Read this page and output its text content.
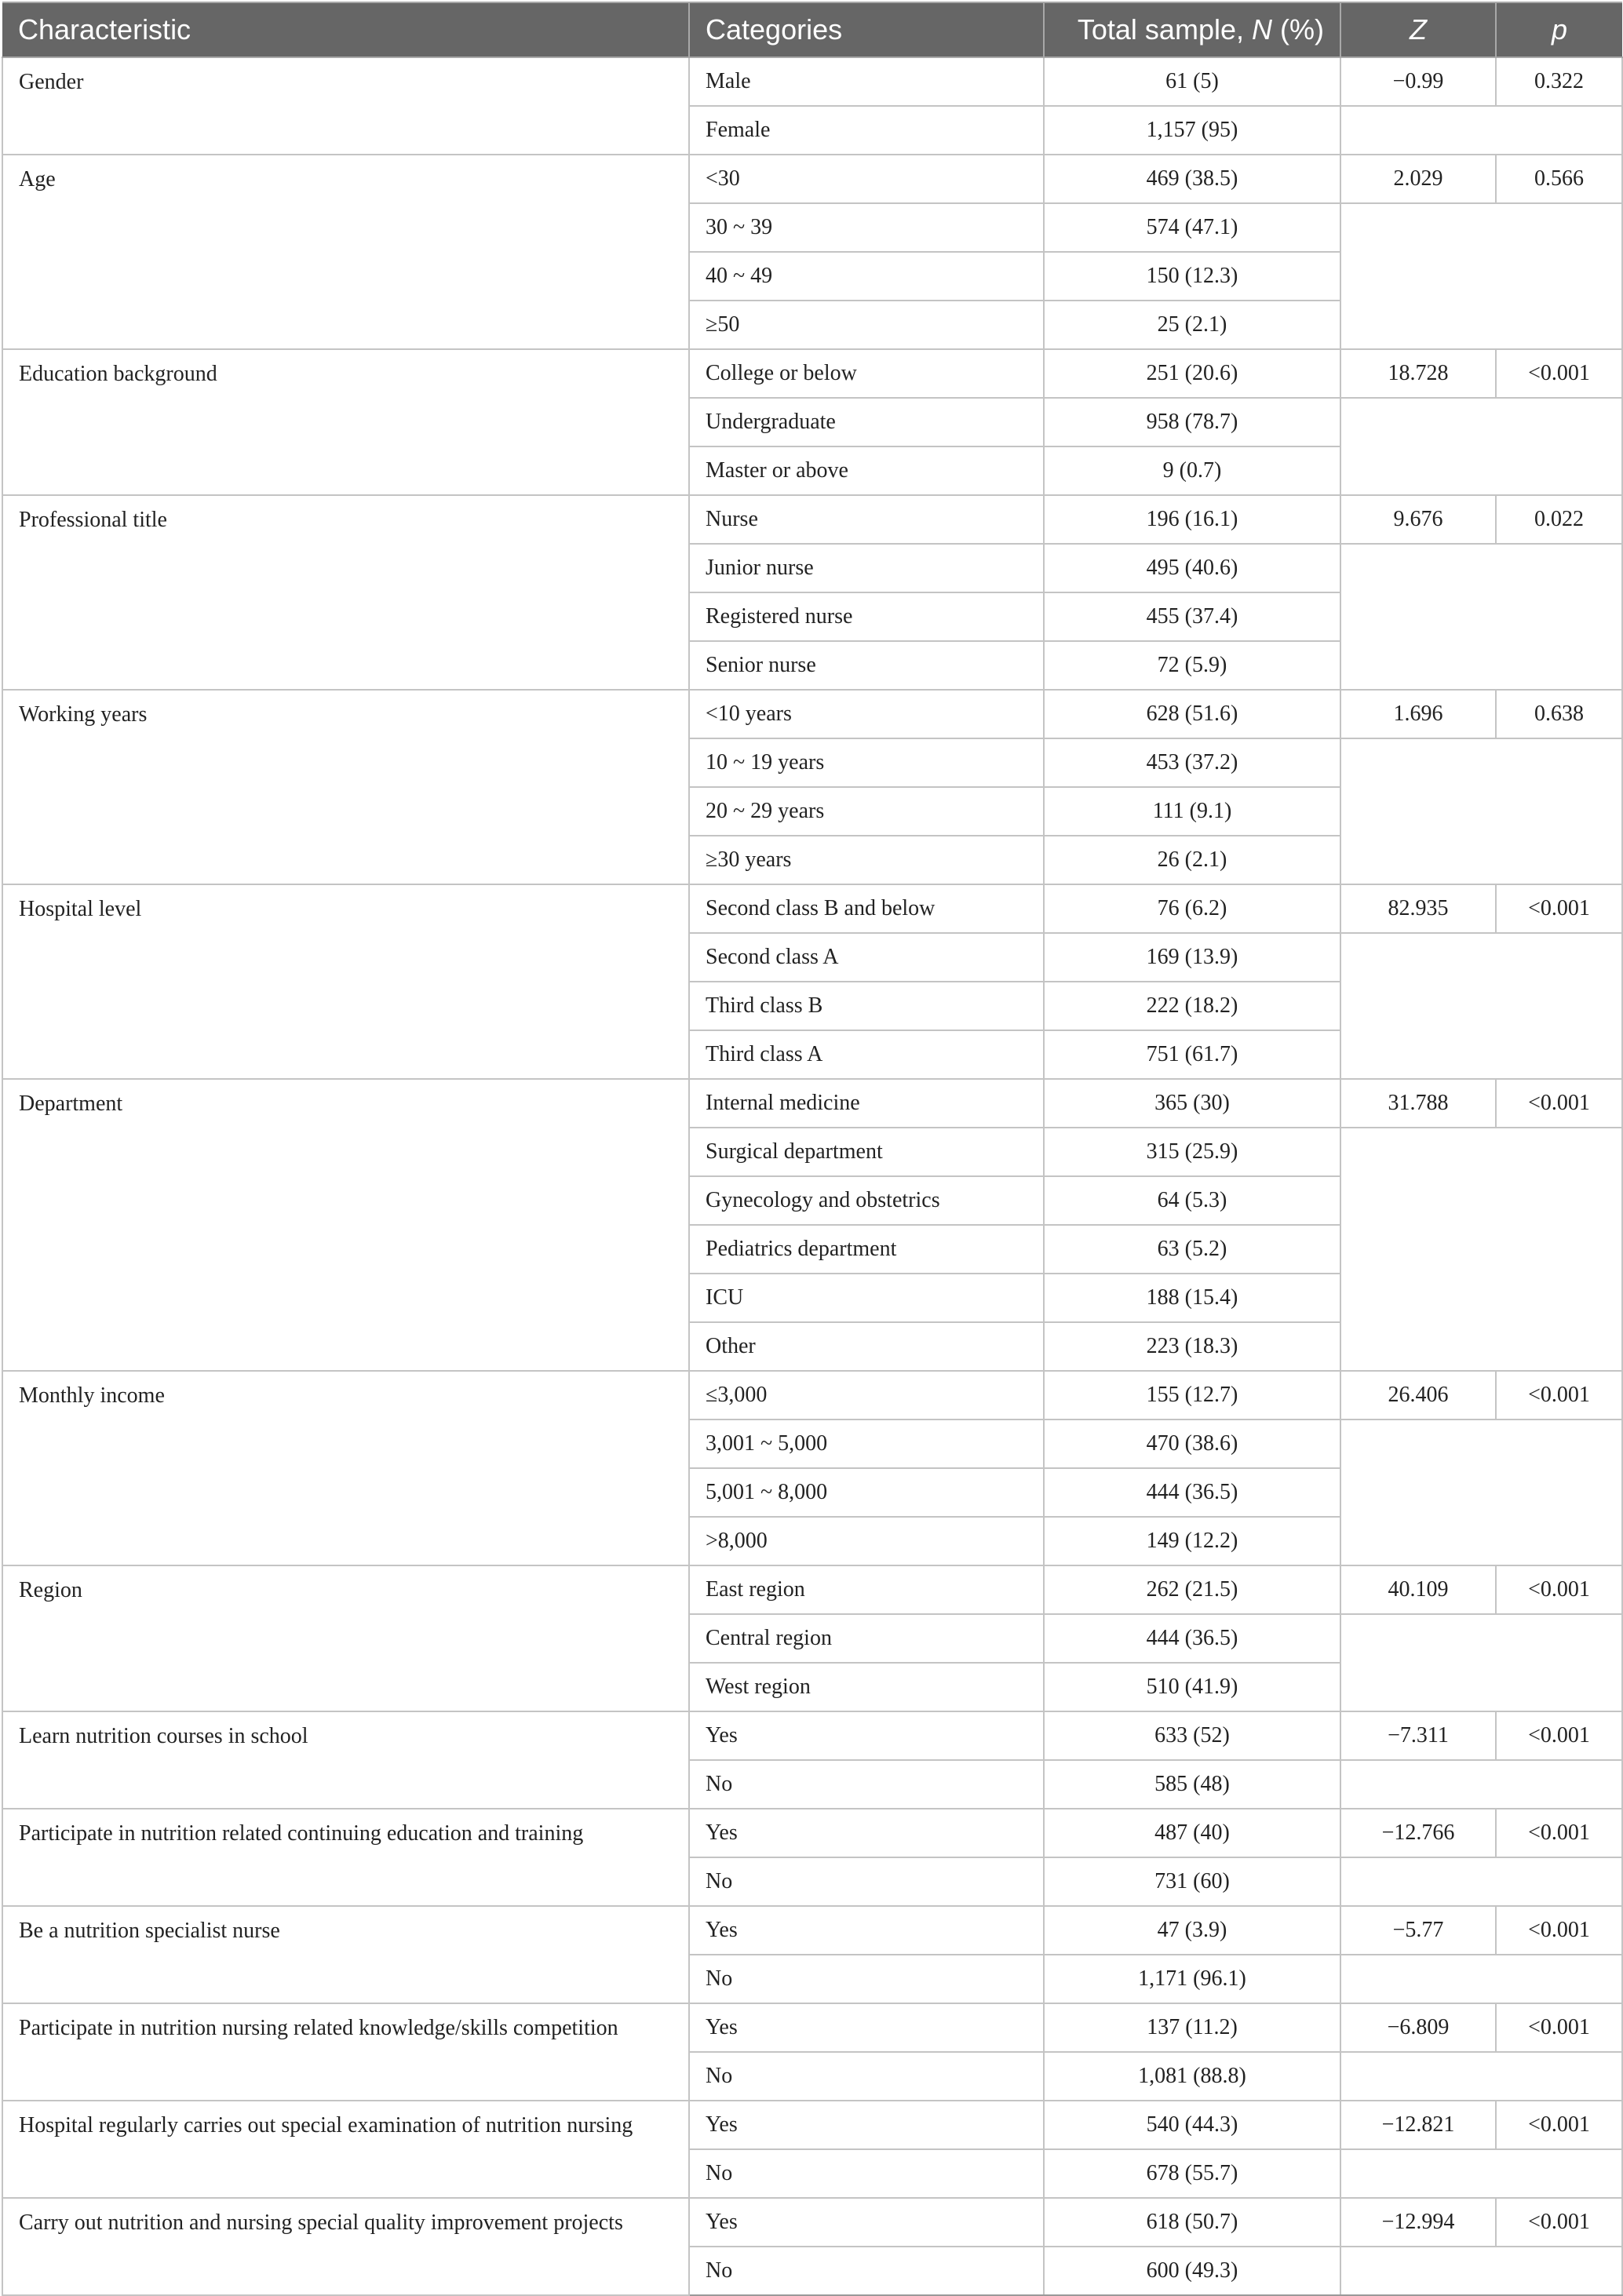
Characteristic	Categories	Total sample, N (%)	Z	p
Gender	Male	61 (5)	−0.99	0.322
	Female	1,157 (95)		
Age	<30	469 (38.5)	2.029	0.566
	30 ~ 39	574 (47.1)		
	40 ~ 49	150 (12.3)		
	≥50	25 (2.1)		
Education background	College or below	251 (20.6)	18.728	<0.001
	Undergraduate	958 (78.7)		
	Master or above	9 (0.7)		
Professional title	Nurse	196 (16.1)	9.676	0.022
	Junior nurse	495 (40.6)		
	Registered nurse	455 (37.4)		
	Senior nurse	72 (5.9)		
Working years	<10 years	628 (51.6)	1.696	0.638
	10 ~ 19 years	453 (37.2)		
	20 ~ 29 years	111 (9.1)		
	≥30 years	26 (2.1)		
Hospital level	Second class B and below	76 (6.2)	82.935	<0.001
	Second class A	169 (13.9)		
	Third class B	222 (18.2)		
	Third class A	751 (61.7)		
Department	Internal medicine	365 (30)	31.788	<0.001
	Surgical department	315 (25.9)		
	Gynecology and obstetrics	64 (5.3)		
	Pediatrics department	63 (5.2)		
	ICU	188 (15.4)		
	Other	223 (18.3)		
Monthly income	≤3,000	155 (12.7)	26.406	<0.001
	3,001 ~ 5,000	470 (38.6)		
	5,001 ~ 8,000	444 (36.5)		
	>8,000	149 (12.2)		
Region	East region	262 (21.5)	40.109	<0.001
	Central region	444 (36.5)		
	West region	510 (41.9)		
Learn nutrition courses in school	Yes	633 (52)	−7.311	<0.001
	No	585 (48)		
Participate in nutrition related continuing education and training	Yes	487 (40)	−12.766	<0.001
	No	731 (60)		
Be a nutrition specialist nurse	Yes	47 (3.9)	−5.77	<0.001
	No	1,171 (96.1)		
Participate in nutrition nursing related knowledge/skills competition	Yes	137 (11.2)	−6.809	<0.001
	No	1,081 (88.8)		
Hospital regularly carries out special examination of nutrition nursing	Yes	540 (44.3)	−12.821	<0.001
	No	678 (55.7)		
Carry out nutrition and nursing special quality improvement projects	Yes	618 (50.7)	−12.994	<0.001
	No	600 (49.3)		
